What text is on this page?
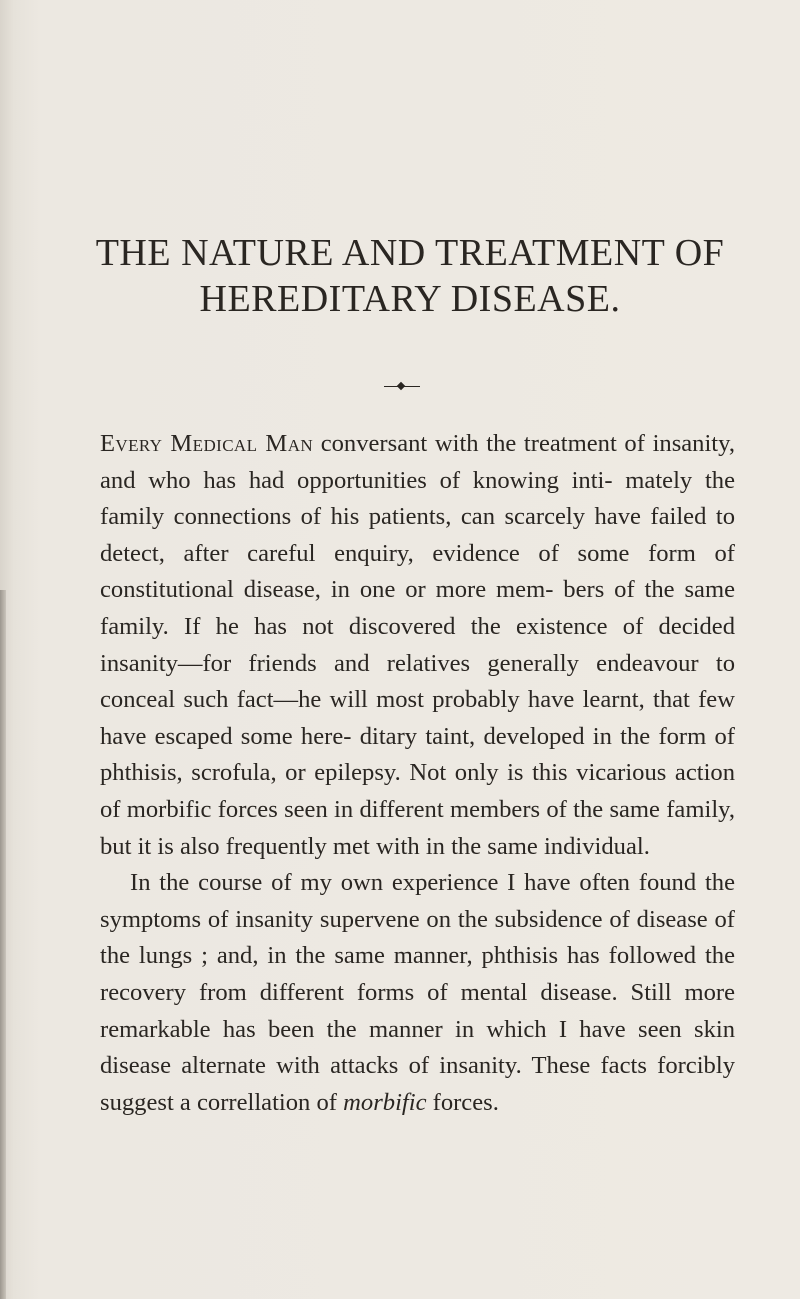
THE NATURE AND TREATMENT OF
HEREDITARY DISEASE.

Every Medical Man conversant with the treatment of insanity, and who has had opportunities of knowing inti- mately the family connections of his patients, can scarcely have failed to detect, after careful enquiry, evidence of some form of constitutional disease, in one or more mem- bers of the same family. If he has not discovered the existence of decided insanity—for friends and relatives generally endeavour to conceal such fact—he will most probably have learnt, that few have escaped some here- ditary taint, developed in the form of phthisis, scrofula, or epilepsy. Not only is this vicarious action of morbific forces seen in different members of the same family, but it is also frequently met with in the same individual.

In the course of my own experience I have often found the symptoms of insanity supervene on the subsidence of disease of the lungs ; and, in the same manner, phthisis has followed the recovery from different forms of mental disease. Still more remarkable has been the manner in which I have seen skin disease alternate with attacks of insanity. These facts forcibly suggest a correllation of morbific forces.
